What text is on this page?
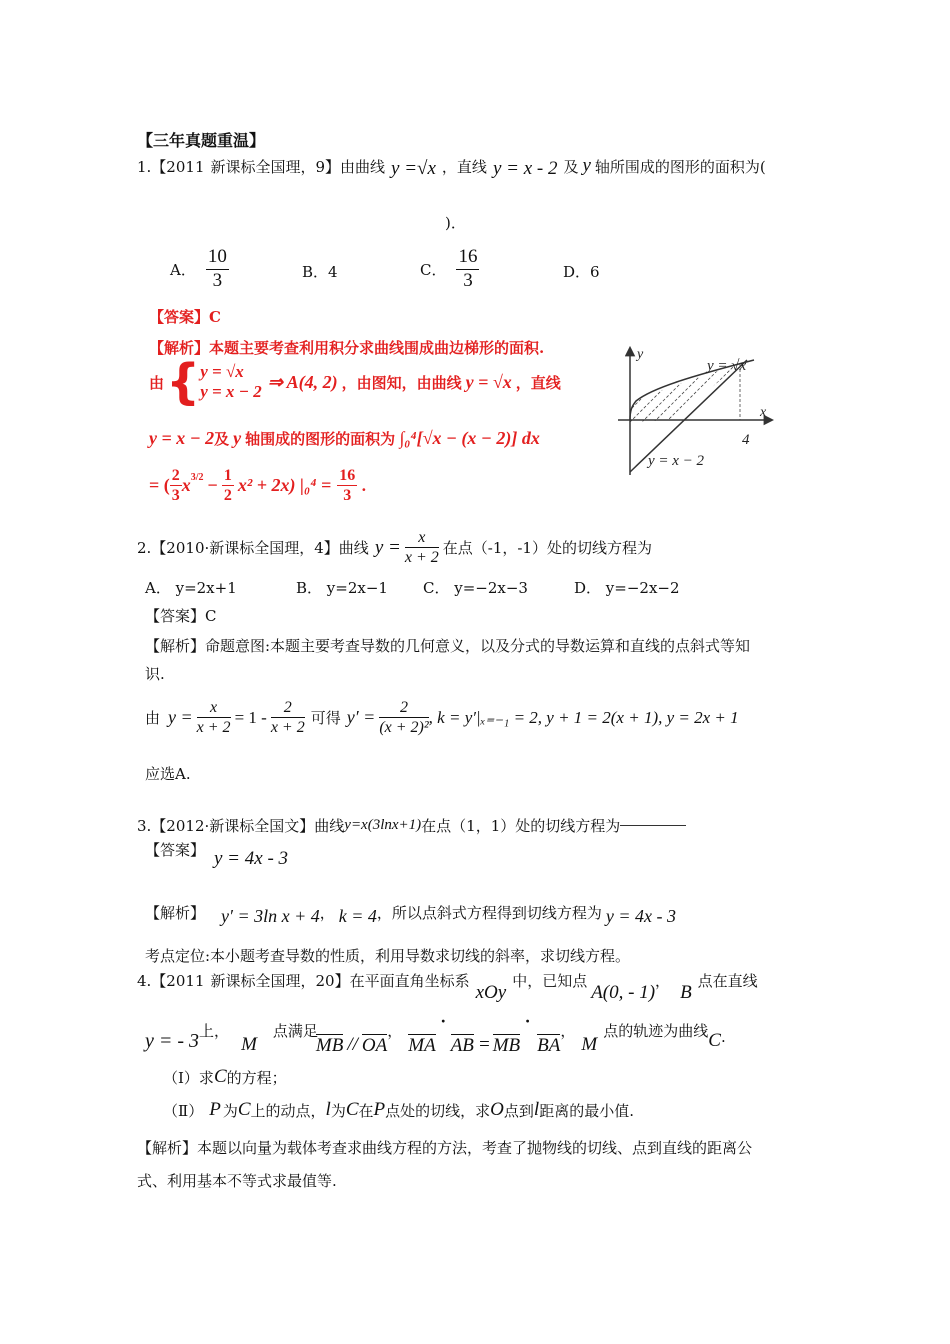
【三年真题重温】
1.【2011 新课标全国理，9】由曲线 y =√x ，直线 y = x - 2 及 y 轴所围成的图形的面积为(
)．
A． $\frac{10}{3}$	B．4	C． $\frac{16}{3}$	D．6
【答案】C
【解析】本题主要考查利用积分求曲线围成曲边梯形的面积.
由 { y = √x
y = x − 2 ⇒ A(4, 2) ，由图知，由曲线 y = √x ，直线
y = x − 2 及 y 轴围成的图形的面积为 ∫₀⁴[√x − (x − 2)] dx
= ( $\frac{2}{3} x^{3/2} - \frac{1}{2} x^2 + 2x$) $|_0^4 = \frac{16}{3}$ .
y
x
4
y = √x
y = x − 2
2.【2010 ·新课标全国理，4】曲线 $y = \frac{x}{x + 2}$ 在点（-1，-1）处的切线方程为
A． y=2x+1	B． y=2x−1 C． y=−2x−3	D． y=−2x−2
【答案】C
【解析】命题意图:本题主要考查导数的几何意义，以及分式的导数运算和直线的点斜式等知
识.
由 $y = \frac{x}{x + 2} = 1 - \frac{2}{x + 2}$ 可得 $y' = \frac{2}{\text{(x + 2)²}}$ , k = y′|ₓ₌₋₁ = 2, y + 1 = 2(x + 1), y = 2x + 1
应选A.
3.【2012 ·新课标全国文】曲线 y=x(3lnx+1) 在点（1，1）处的切线方程为
【答案】 y = 4x - 3
【解析】 y′ = 3ln x + 4 ， k = 4 ，所以点斜式方程得到切线方程为 y = 4x - 3
考点定位:本小题考查导数的性质，利用导数求切线的斜率，求切线方程。
4.【2011 新课标全国理，20】在平面直角坐标系
xOy
中，已知点
A(0, - 1)
，
B
点在直线
y = - 3 上，
M
点满足
MB // OA
，
MA
·
AB = MB
·
BA
，
M
点的轨迹为曲线 C .
（Ⅰ）求 C 的方程；
（Ⅱ） P 为 C 上的动点， l 为 C 在 P 点处的切线，求 O 点到 l 距离的最小值.
【解析】本题以向量为载体考查求曲线方程的方法，考查了抛物线的切线、点到直线的距离公
式、利用基本不等式求最值等.
